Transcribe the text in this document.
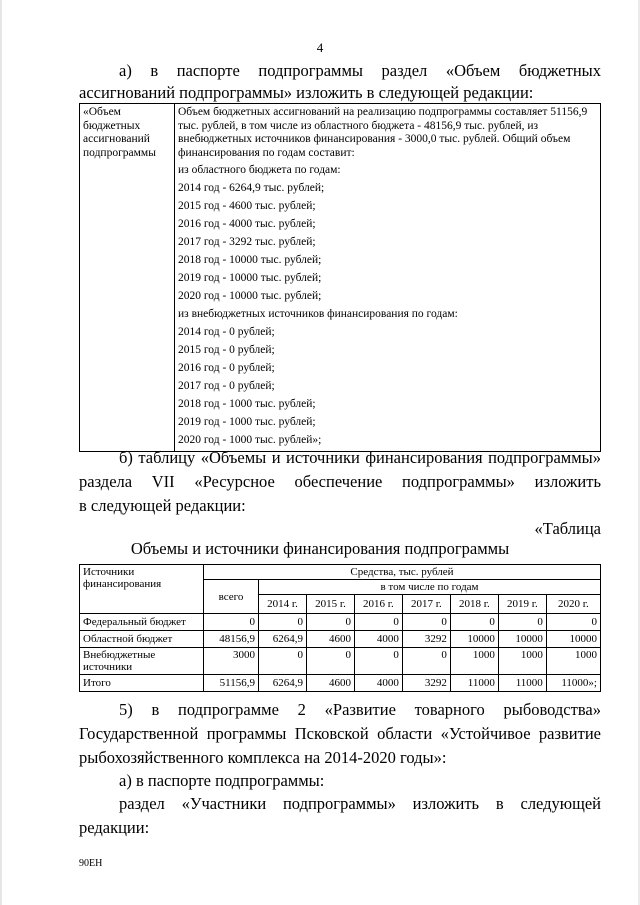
4
а) в паспорте подпрограммы раздел «Объем бюджетных
ассигнований подпрограммы» изложить в следующей редакции:
«Объем бюджетных ассигнований подпрограммы	
Объем бюджетных ассигнований на реализацию подпрограммы составляет 51156,9 тыс. рублей, в том числе из областного бюджета - 48156,9 тыс. рублей, из внебюджетных источников финансирования - 3000,0 тыс. рублей. Общий объем финансирования по годам составит:
из областного бюджета по годам:
2014 год - 6264,9 тыс. рублей;
2015 год - 4600 тыс. рублей;
2016 год - 4000 тыс. рублей;
2017 год - 3292 тыс. рублей;
2018 год - 10000 тыс. рублей;
2019 год - 10000 тыс. рублей;
2020 год - 10000 тыс. рублей;
из внебюджетных источников финансирования по годам:
2014 год - 0 рублей;
2015 год - 0 рублей;
2016 год - 0 рублей;
2017 год - 0 рублей;
2018 год - 1000 тыс. рублей;
2019 год - 1000 тыс. рублей;
2020 год - 1000 тыс. рублей»;
б) таблицу «Объемы и источники финансирования подпрограммы»
раздела VII «Ресурсное обеспечение подпрограммы» изложить
в следующей редакции:
«Таблица
Объемы и источники финансирования подпрограммы
Источники финансирования	Средства, тыс. рублей							
	всего	в том числе по годам						
		2014 г.	2015 г.	2016 г.	2017 г.	2018 г.	2019 г.	2020 г.
Федеральный бюджет	0	0	0	0	0	0	0	0
Областной бюджет	48156,9	6264,9	4600	4000	3292	10000	10000	10000
Внебюджетные источники	3000	0	0	0	0	1000	1000	1000
Итого	51156,9	6264,9	4600	4000	3292	11000	11000	11000»;
5) в подпрограмме 2 «Развитие товарного рыбоводства»
Государственной программы Псковской области «Устойчивое развитие
рыбохозяйственного комплекса на 2014-2020 годы»:
а) в паспорте подпрограммы:
раздел «Участники подпрограммы» изложить в следующей
редакции:
90ЕН
